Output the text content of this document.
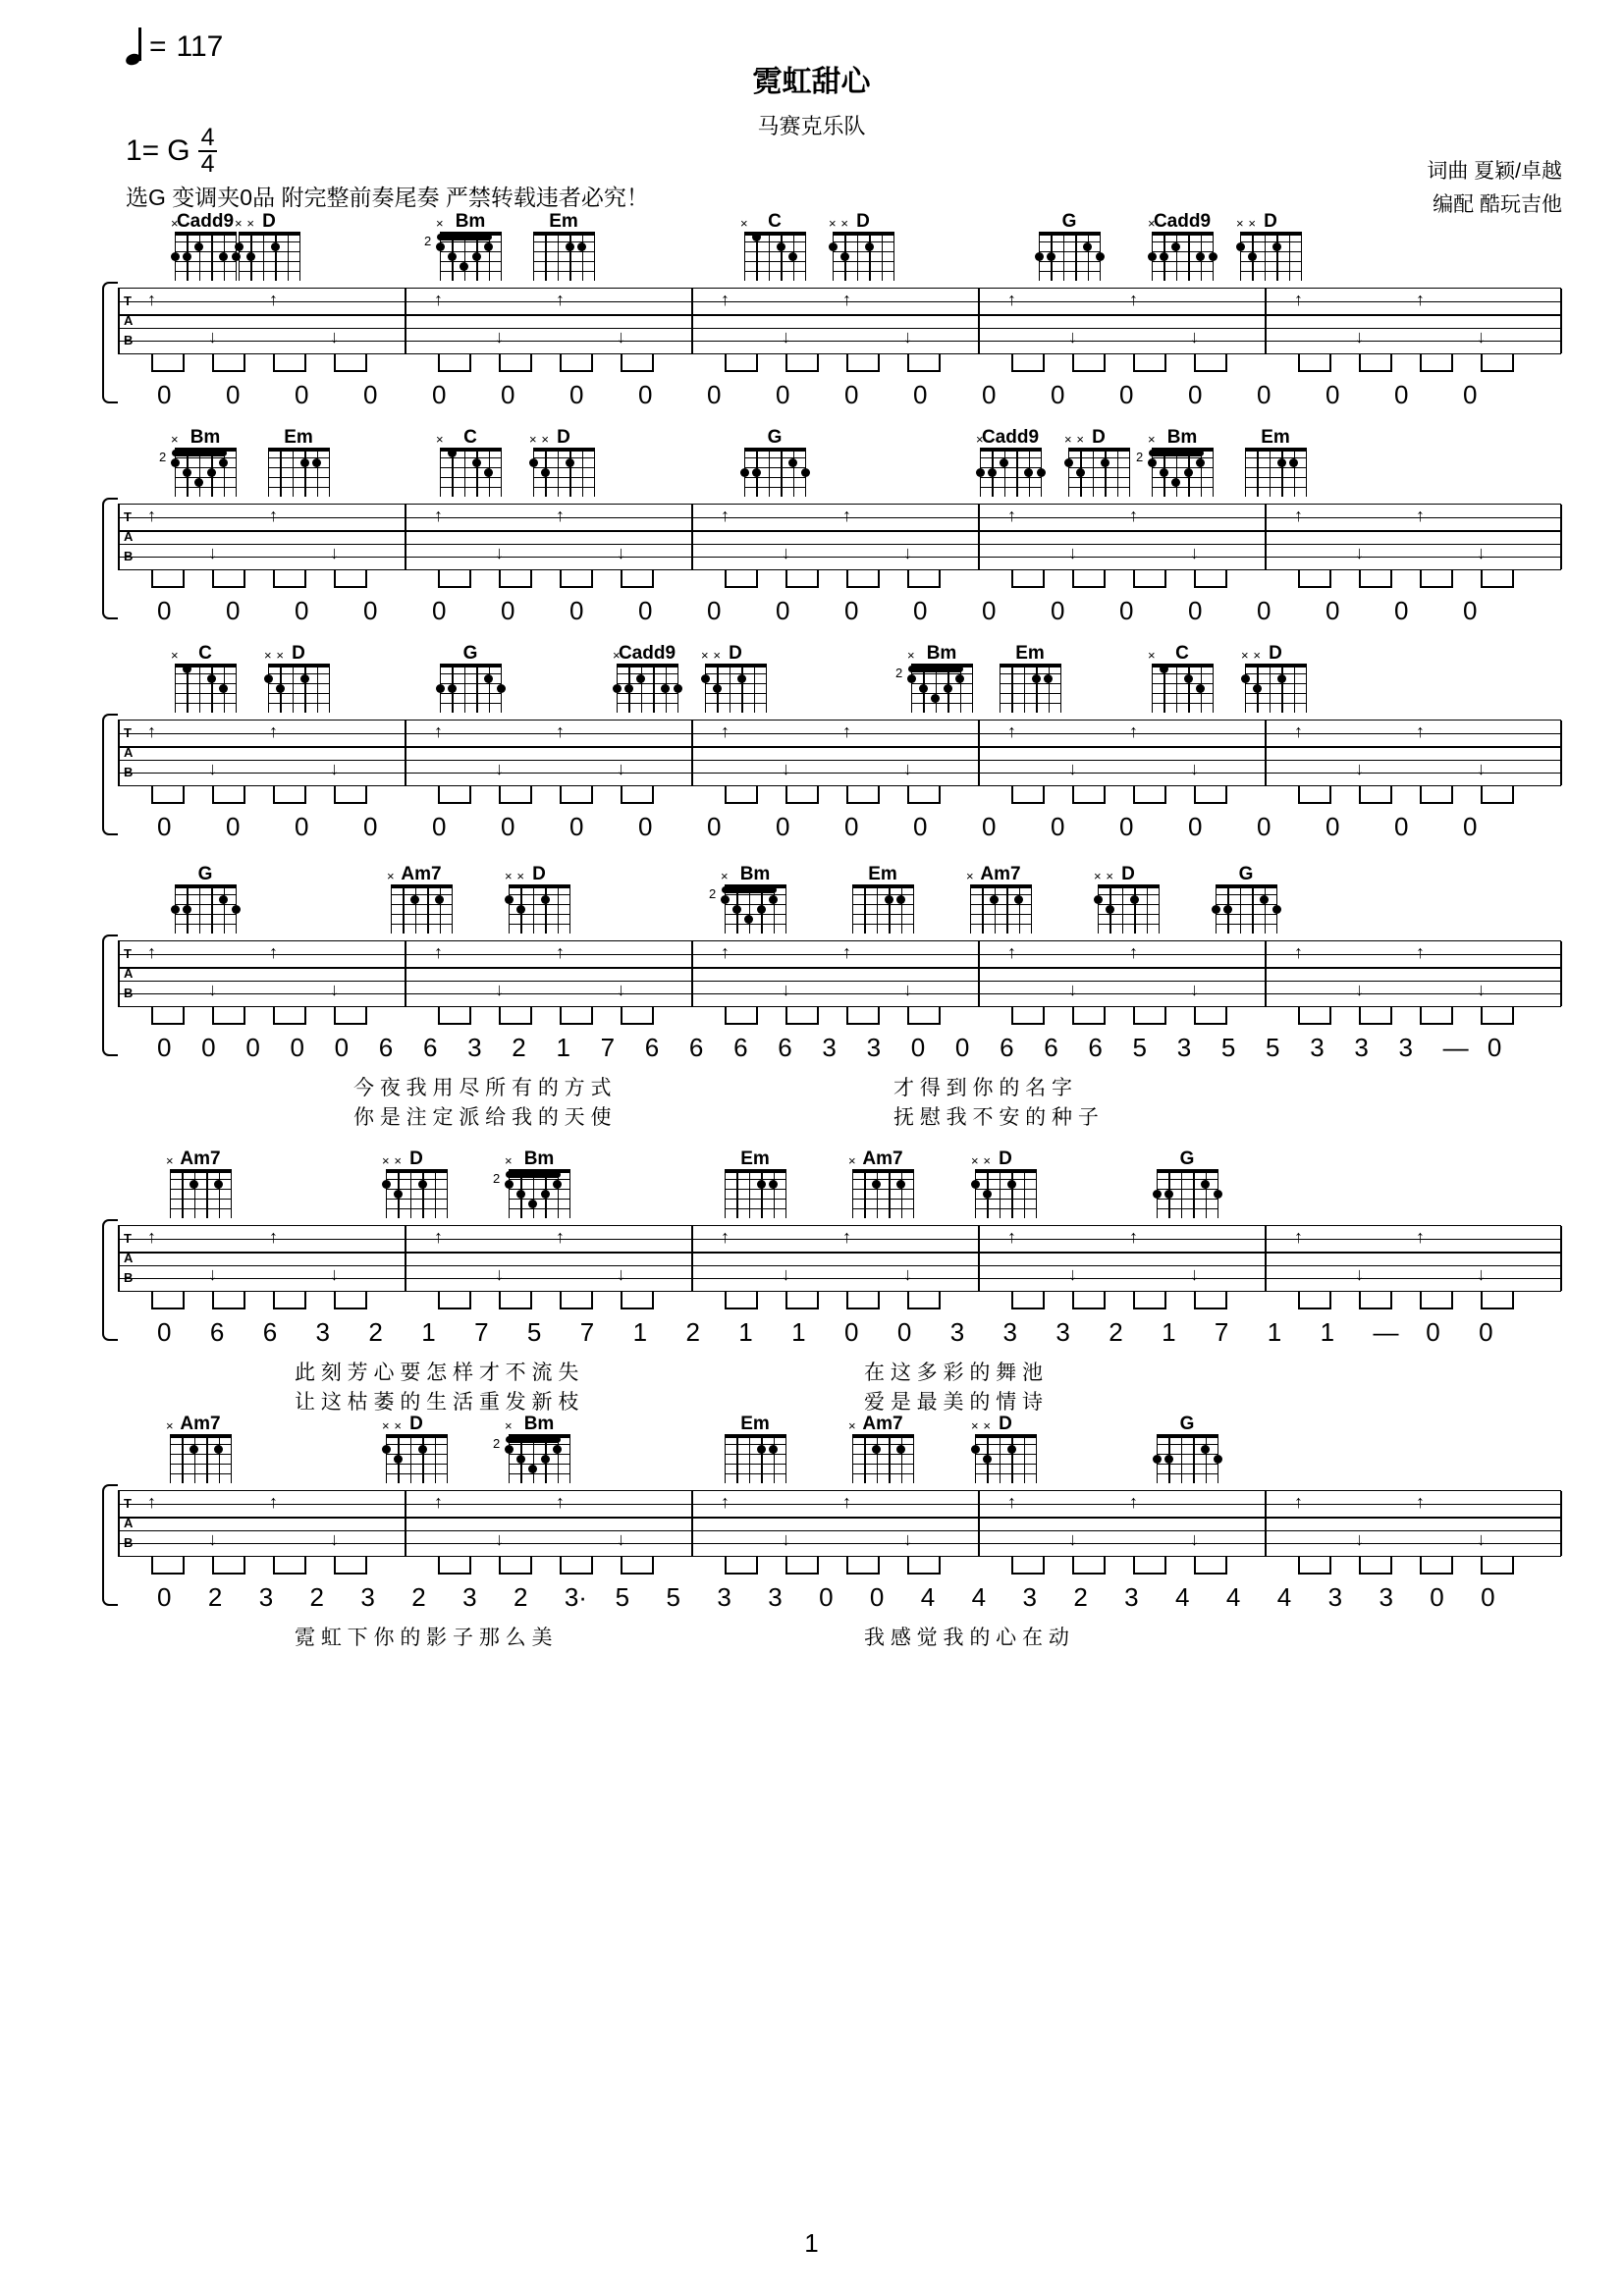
= 117
1= G $\frac{4}{4}$
选G 变调夹0品 附完整前奏尾奏 严禁转载违者必究！
霓虹甜心
马赛克乐队
词曲 夏颖/卓越
编配 酷玩吉他
1
Cadd9
×	D
× ×	Bm
×
2
Em	C
×	D
× ×	G	Cadd9
×	D
× ×
T
A
B
↑
↓
↑
↓
↑
↓
↑
↓
↑
↓
↑
↓
↑
↓
↑
↓
↑
↓
↑
↓
0 0 0 0 0 0 0 0 0 0 0 0 0 0 0 0 0 0 0 0
Bm
×
2
Em	C
×	D
× ×	G	Cadd9
×	D
× ×	Bm
×
2
Em
T
A
B
↑
↓
↑
↓
↑
↓
↑
↓
↑
↓
↑
↓
↑
↓
↑
↓
↑
↓
↑
↓
0 0 0 0 0 0 0 0 0 0 0 0 0 0 0 0 0 0 0 0
C
×	D
× ×	G	Cadd9
×	D
× ×	Bm
×
2
Em	C
×	D
× ×
T
A
B
↑
↓
↑
↓
↑
↓
↑
↓
↑
↓
↑
↓
↑
↓
↑
↓
↑
↓
↑
↓
0 0 0 0 0 0 0 0 0 0 0 0 0 0 0 0 0 0 0 0
G	Am7
×	D
× ×	Bm
×
2
Em	Am7
×	D
× ×	G
T
A
B
↑
↓
↑
↓
↑
↓
↑
↓
↑
↓
↑
↓
↑
↓
↑
↓
↑
↓
↑
↓
0 0 0 0 0 6 6 3 2 1 7 6 6 6 6 3 3 0 0 6 6 6 5 3 5 5 3 3 3 — 0
今 夜 我 用 尽 所 有 的 方 式
你 是 注 定 派 给 我 的 天 使
才 得 到 你 的 名 字
抚 慰 我 不 安 的 种 子
Am7
×	D
× ×	Bm
×
2
Em	Am7
×	D
× ×	G
T
A
B
↑
↓
↑
↓
↑
↓
↑
↓
↑
↓
↑
↓
↑
↓
↑
↓
↑
↓
↑
↓
0 6 6 3 2 1 7 5 7 1 2 1 1 0 0 3 3 3 2 1 7 1 1 — 0 0
此 刻 芳 心 要 怎 样 才 不 流 失
让 这 枯 萎 的 生 活 重 发 新 枝
在 这 多 彩 的 舞 池
爱 是 最 美 的 情 诗
Am7
×	D
× ×	Bm
×
2
Em	Am7
×	D
× ×	G
T
A
B
↑
↓
↑
↓
↑
↓
↑
↓
↑
↓
↑
↓
↑
↓
↑
↓
↑
↓
↑
↓
0 2 3 2 3 2 3 2 3· 5 5 3 3 0 0 4 4 3 2 3 4 4 4 3 3 0 0
霓 虹 下 你 的 影 子 那 么 美	我 感 觉 我 的 心 在 动
